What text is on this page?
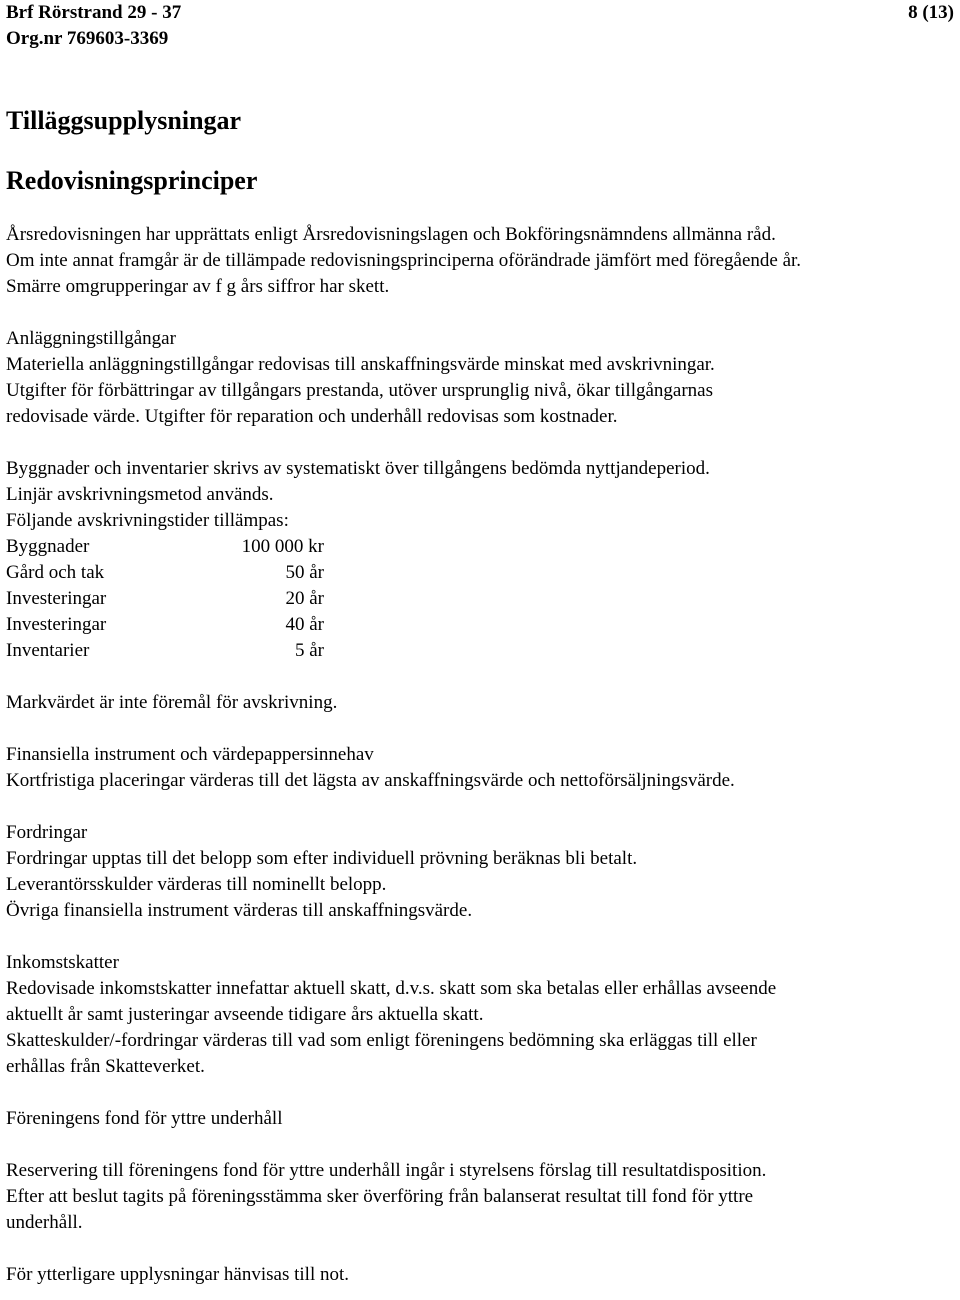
Brf Rörstrand 29 - 37
Org.nr 769603-3369
8 (13)
Tilläggsupplysningar
Redovisningsprinciper
Årsredovisningen har upprättats enligt Årsredovisningslagen och Bokföringsnämndens allmänna råd.
Om inte annat framgår är de tillämpade redovisningsprinciperna oförändrade jämfört med föregående år.
Smärre omgrupperingar av f g års siffror har skett.
Anläggningstillgångar
Materiella anläggningstillgångar redovisas till anskaffningsvärde minskat med avskrivningar.
Utgifter för förbättringar av tillgångars prestanda, utöver ursprunglig nivå, ökar tillgångarnas
redovisade värde. Utgifter för reparation och underhåll redovisas som kostnader.
Byggnader och inventarier skrivs av systematiskt över tillgångens bedömda nyttjandeperiod.
Linjär avskrivningsmetod används.
Följande avskrivningstider tillämpas:
Byggnader	100 000 kr
Gård och tak	50 år
Investeringar	20 år
Investeringar	40 år
Inventarier	5 år
Markvärdet är inte föremål för avskrivning.
Finansiella instrument och värdepappersinnehav
Kortfristiga placeringar värderas till det lägsta av anskaffningsvärde och nettoförsäljningsvärde.
Fordringar
Fordringar upptas till det belopp som efter individuell prövning beräknas bli betalt.
Leverantörsskulder värderas till nominellt belopp.
Övriga finansiella instrument värderas till anskaffningsvärde.
Inkomstskatter
Redovisade inkomstskatter innefattar aktuell skatt, d.v.s. skatt som ska betalas eller erhållas avseende
aktuellt år samt justeringar avseende tidigare års aktuella skatt.
Skatteskulder/-fordringar värderas till vad som enligt föreningens bedömning ska erläggas till eller
erhållas från Skatteverket.
Föreningens fond för yttre underhåll
Reservering till föreningens fond för yttre underhåll ingår i styrelsens förslag till resultatdisposition.
Efter att beslut tagits på föreningsstämma sker överföring från balanserat resultat till fond för yttre
underhåll.
För ytterligare upplysningar hänvisas till not.
